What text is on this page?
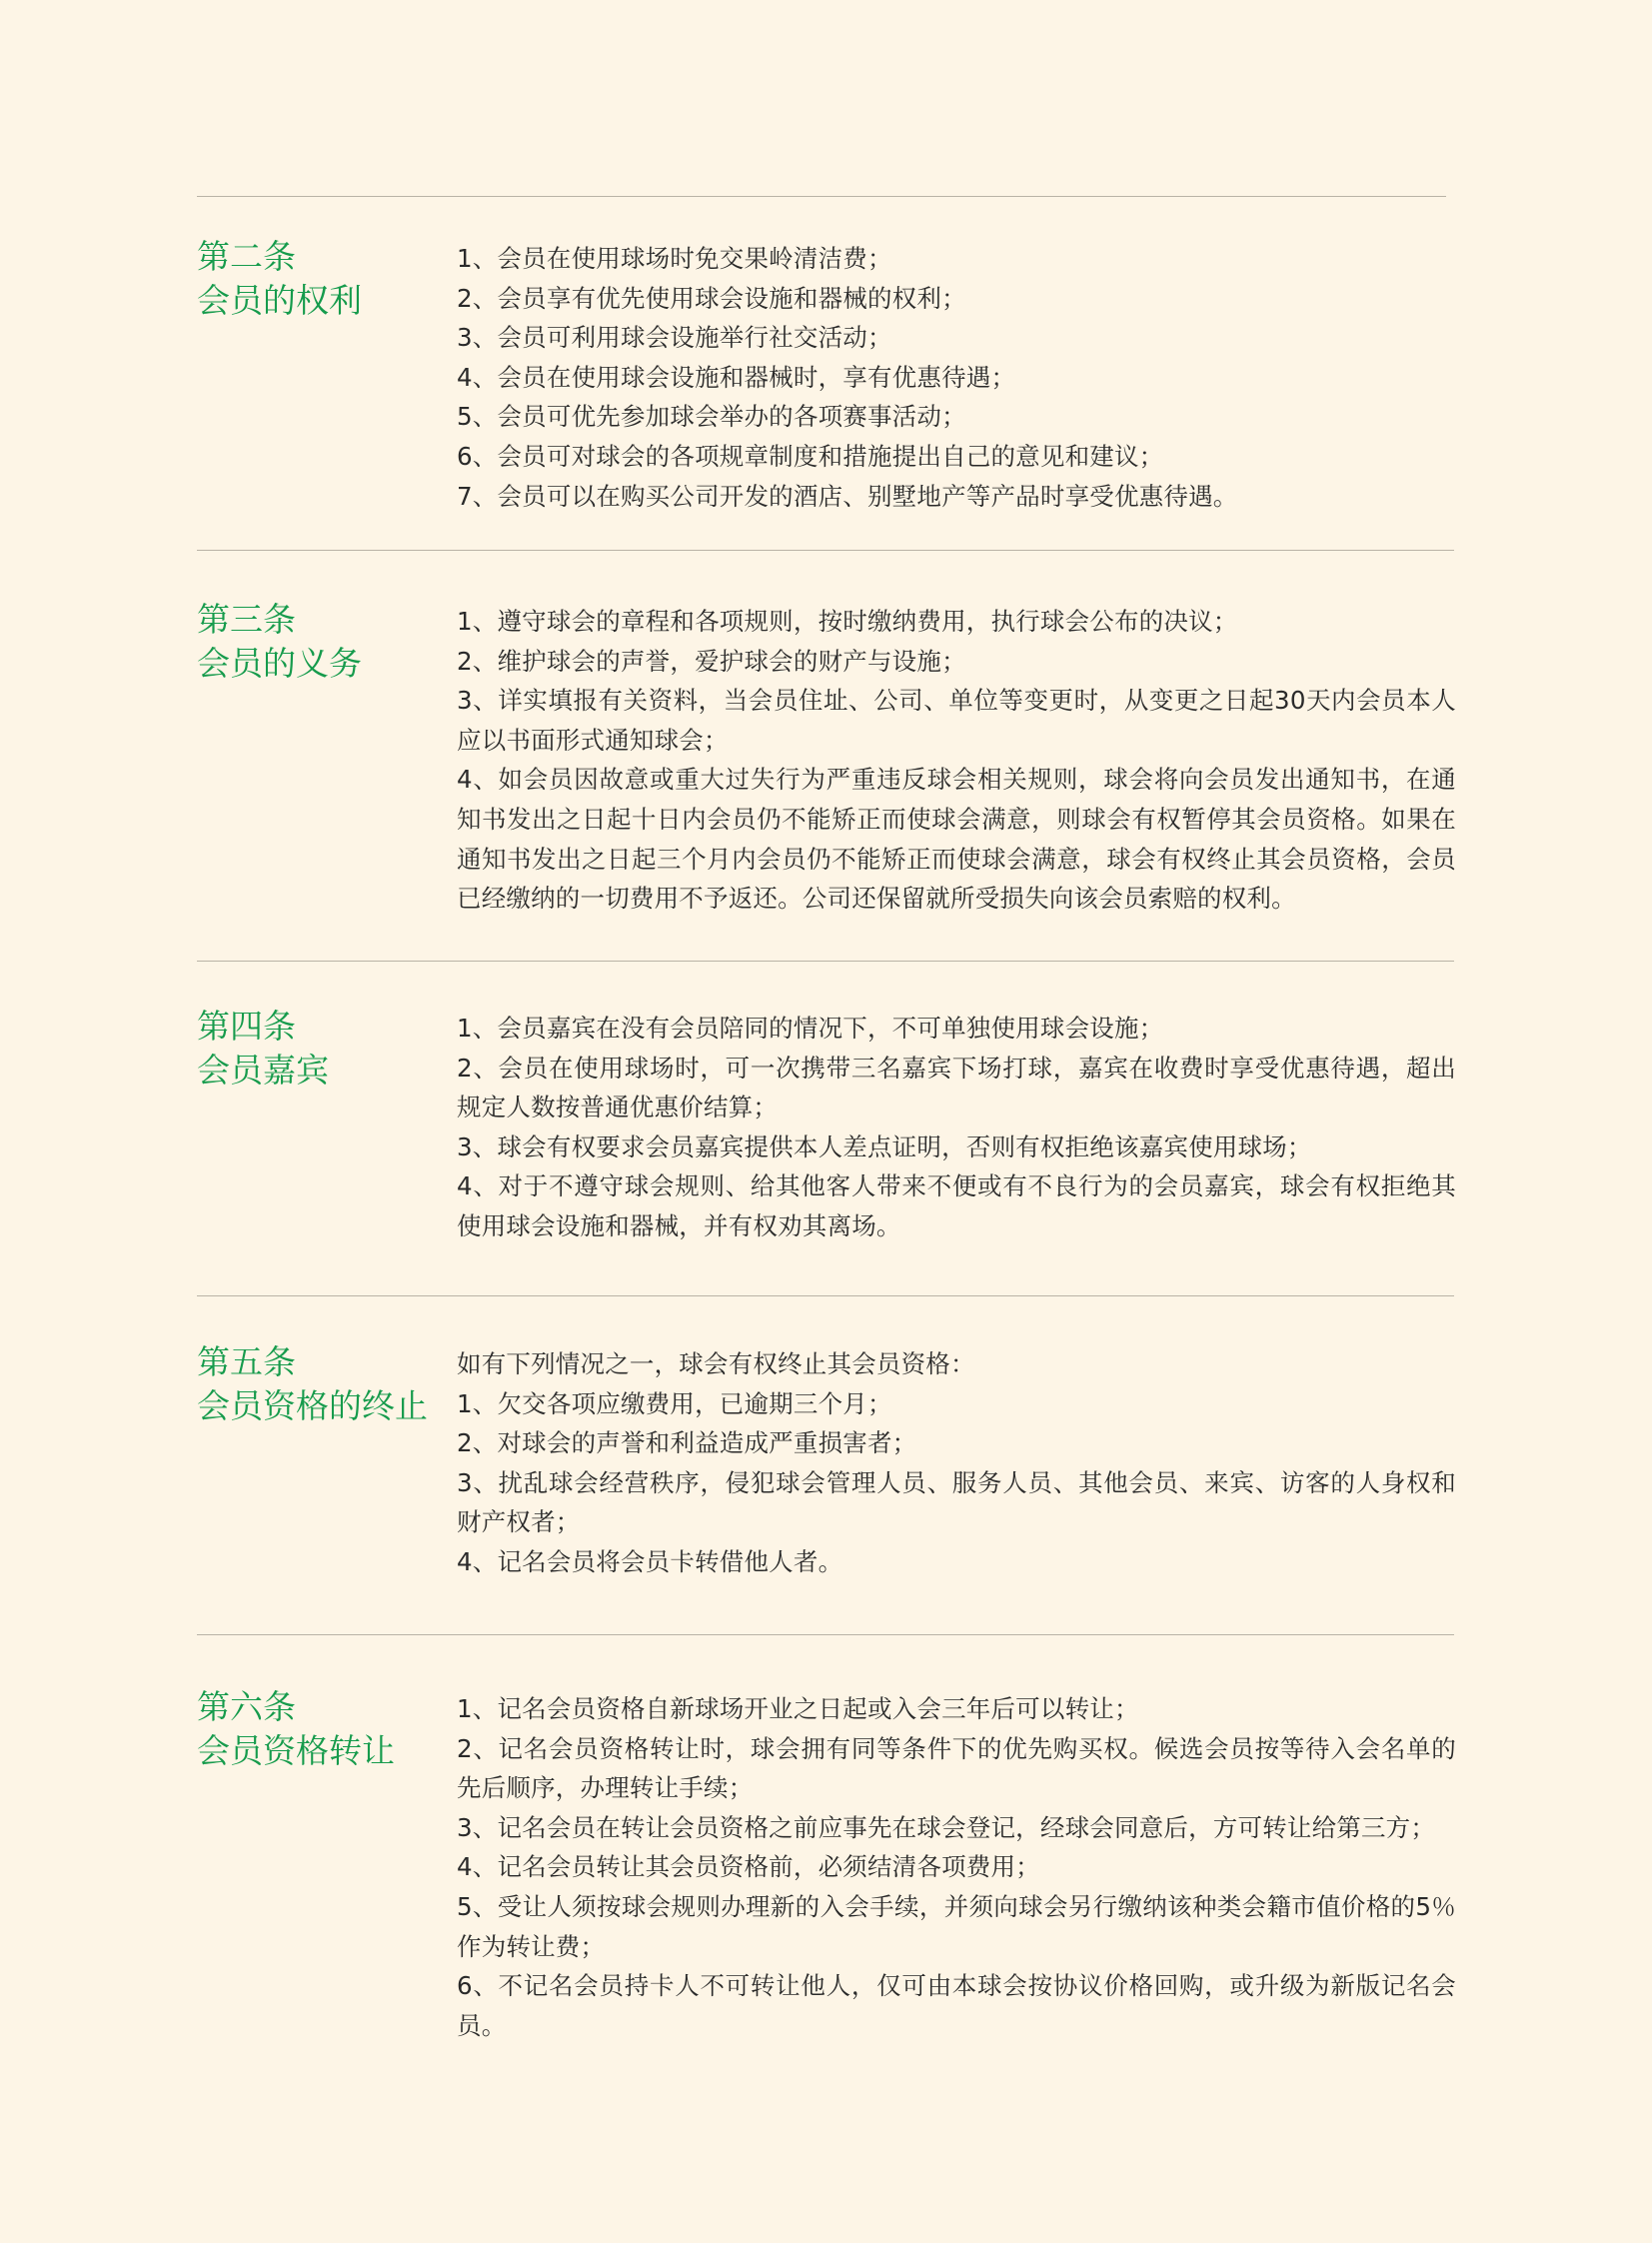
第二条
会员的权利

1、会员在使用球场时免交果岭清洁费；

2、会员享有优先使用球会设施和器械的权利；

3、会员可利用球会设施举行社交活动；

4、会员在使用球会设施和器械时，享有优惠待遇；

5、会员可优先参加球会举办的各项赛事活动；

6、会员可对球会的各项规章制度和措施提出自己的意见和建议；

7、会员可以在购买公司开发的酒店、别墅地产等产品时享受优惠待遇。

第三条
会员的义务

1、遵守球会的章程和各项规则，按时缴纳费用，执行球会公布的决议；

2、维护球会的声誉，爱护球会的财产与设施；

3、详实填报有关资料，当会员住址、公司、单位等变更时，从变更之日起30天内会员本人应以书面形式通知球会；

4、如会员因故意或重大过失行为严重违反球会相关规则，球会将向会员发出通知书，在通知书发出之日起十日内会员仍不能矫正而使球会满意，则球会有权暂停其会员资格。如果在通知书发出之日起三个月内会员仍不能矫正而使球会满意，球会有权终止其会员资格，会员已经缴纳的一切费用不予返还。公司还保留就所受损失向该会员索赔的权利。

第四条
会员嘉宾

1、会员嘉宾在没有会员陪同的情况下，不可单独使用球会设施；

2、会员在使用球场时，可一次携带三名嘉宾下场打球，嘉宾在收费时享受优惠待遇，超出规定人数按普通优惠价结算；

3、球会有权要求会员嘉宾提供本人差点证明，否则有权拒绝该嘉宾使用球场；

4、对于不遵守球会规则、给其他客人带来不便或有不良行为的会员嘉宾，球会有权拒绝其使用球会设施和器械，并有权劝其离场。

第五条
会员资格的终止

如有下列情况之一，球会有权终止其会员资格：

1、欠交各项应缴费用，已逾期三个月；

2、对球会的声誉和利益造成严重损害者；

3、扰乱球会经营秩序，侵犯球会管理人员、服务人员、其他会员、来宾、访客的人身权和财产权者；

4、记名会员将会员卡转借他人者。

第六条
会员资格转让

1、记名会员资格自新球场开业之日起或入会三年后可以转让；

2、记名会员资格转让时，球会拥有同等条件下的优先购买权。候选会员按等待入会名单的先后顺序，办理转让手续；

3、记名会员在转让会员资格之前应事先在球会登记，经球会同意后，方可转让给第三方；

4、记名会员转让其会员资格前，必须结清各项费用；

5、受让人须按球会规则办理新的入会手续，并须向球会另行缴纳该种类会籍市值价格的5％作为转让费；

6、不记名会员持卡人不可转让他人，仅可由本球会按协议价格回购，或升级为新版记名会员。
